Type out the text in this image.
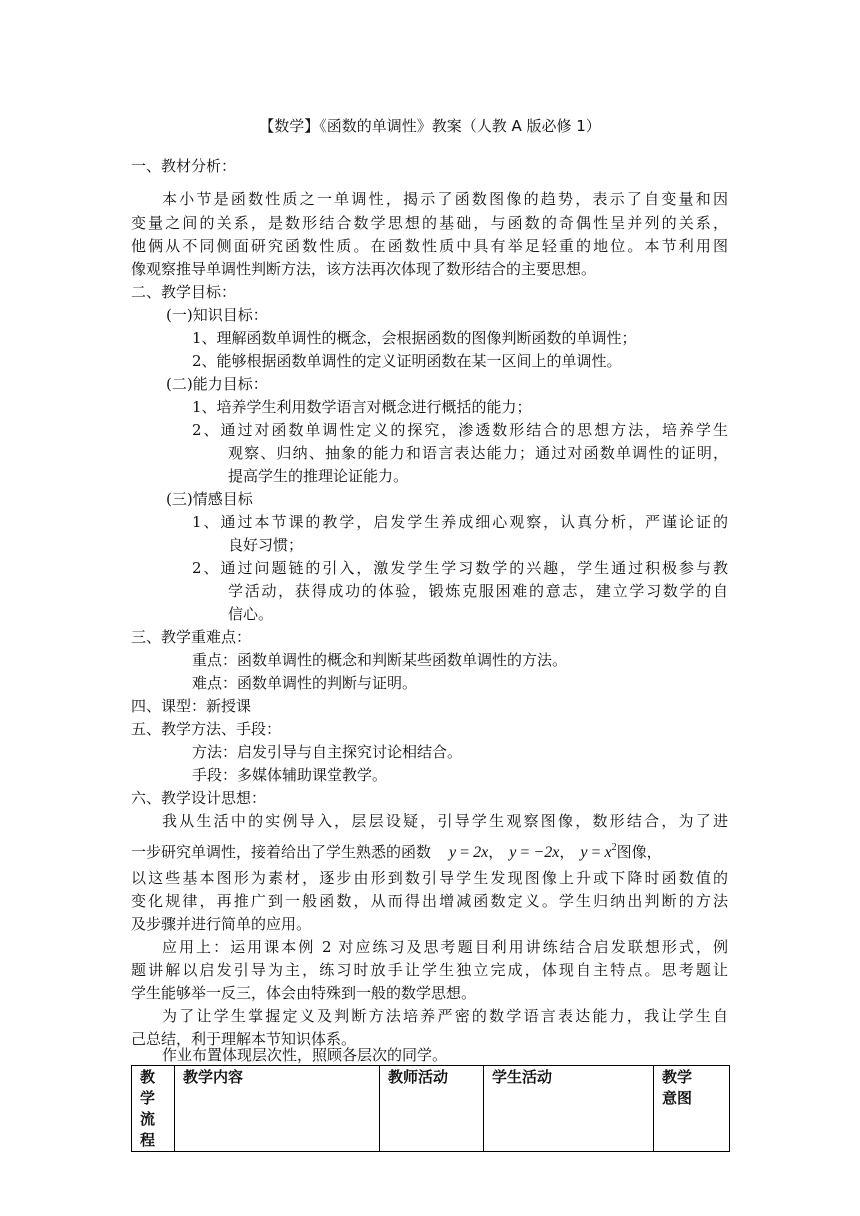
【数学】《函数的单调性》教案（人教 A 版必修 1）
一、教材分析：
本小节是函数性质之一单调性，揭示了函数图像的趋势，表示了自变量和因
变量之间的关系，是数形结合数学思想的基础，与函数的奇偶性呈并列的关系，
他俩从不同侧面研究函数性质。在函数性质中具有举足轻重的地位。本节利用图
像观察推导单调性判断方法，该方法再次体现了数形结合的主要思想。
二、教学目标：
(一)知识目标：
1、理解函数单调性的概念，会根据函数的图像判断函数的单调性；
2、能够根据函数单调性的定义证明函数在某一区间上的单调性。
(二)能力目标：
1、培养学生利用数学语言对概念进行概括的能力；
2、通过对函数单调性定义的探究，渗透数形结合的思想方法，培养学生
观察、归纳、抽象的能力和语言表达能力；通过对函数单调性的证明，
提高学生的推理论证能力。
(三)情感目标
1、通过本节课的教学，启发学生养成细心观察，认真分析，严谨论证的
良好习惯；
2、通过问题链的引入，激发学生学习数学的兴趣，学生通过积极参与教
学活动，获得成功的体验，锻炼克服困难的意志，建立学习数学的自
信心。
三、教学重难点：
重点：函数单调性的概念和判断某些函数单调性的方法。
难点：函数单调性的判断与证明。
四、课型：新授课
五、教学方法、手段：
方法：启发引导与自主探究讨论相结合。
手段：多媒体辅助课堂教学。
六、教学设计思想：
我从生活中的实例导入，层层设疑，引导学生观察图像，数形结合，为了进
一步研究单调性，接着给出了学生熟悉的函数 y = 2x， y = −2x， $y = x^2$图像，
以这些基本图形为素材，逐步由形到数引导学生发现图像上升或下降时函数值的
变化规律，再推广到一般函数，从而得出增减函数定义。学生归纳出判断的方法
及步骤并进行简单的应用。
应用上：运用课本例 2 对应练习及思考题目利用讲练结合启发联想形式，例
题讲解以启发引导为主，练习时放手让学生独立完成，体现自主特点。思考题让
学生能够举一反三，体会由特殊到一般的数学思想。
为了让学生掌握定义及判断方法培养严密的数学语言表达能力，我让学生自
己总结，利于理解本节知识体系。
作业布置体现层次性，照顾各层次的同学。
教学
流程	教学内容	教师活动	学生活动	教学
意图
